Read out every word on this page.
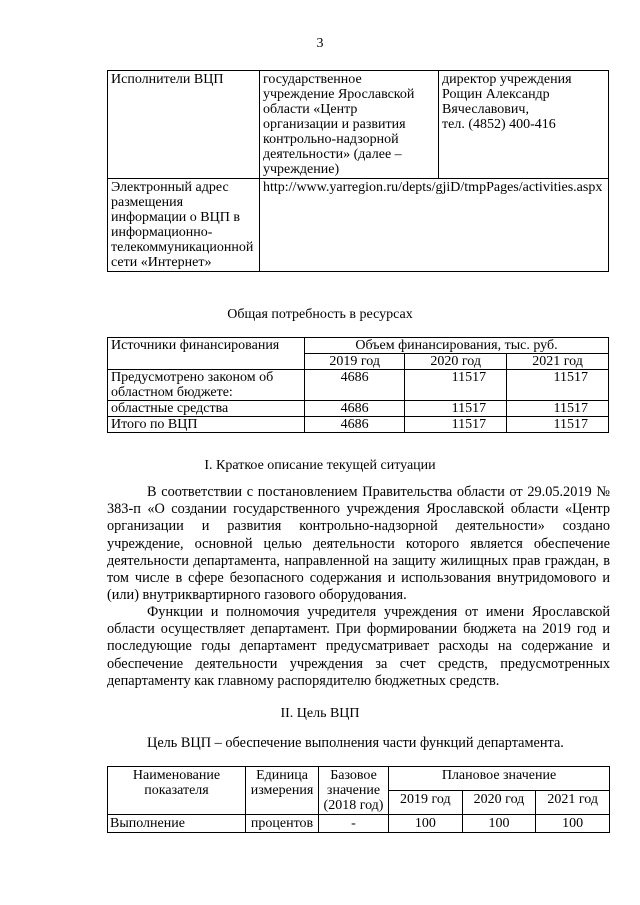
3
Исполнители ВЦП	государственное учреждение Ярославской области «Центр организации и развития контрольно-надзорной деятельности» (далее – учреждение)	директор учреждения Рощин Александр Вячеславович,
тел. (4852) 400-416
Электронный адрес размещения информации о ВЦП в информационно-телекоммуникационной сети «Интернет»	http://www.yarregion.ru/depts/gjiD/tmpPages/activities.aspx	
Общая потребность в ресурсах
Источники финансирования	Объем финансирования, тыс. руб.		
	2019 год	2020 год	2021 год
Предусмотрено законом об областном бюджете:	4686	11517	11517
областные средства	4686	11517	11517
Итого по ВЦП	4686	11517	11517
I. Краткое описание текущей ситуации

В соответствии с постановлением Правительства области от 29.05.2019 № 383-п «О создании государственного учреждения Ярославской области «Центр организации и развития контрольно-надзорной деятельности» создано учреждение, основной целью деятельности которого является обеспечение деятельности департамента, направленной на защиту жилищных прав граждан, в том числе в сфере безопасного содержания и использования внутридомового и (или) внутриквартирного газового оборудования.

Функции и полномочия учредителя учреждения от имени Ярославской области осуществляет департамент. При формировании бюджета на 2019 год и последующие годы департамент предусматривает расходы на содержание и обеспечение деятельности учреждения за счет средств, предусмотренных департаменту как главному распорядителю бюджетных средств.

II. Цель ВЦП

Цель ВЦП – обеспечение выполнения части функций департамента.

Наименование показателя	Единица измерения	Базовое значение (2018 год)	Плановое значение		
			2019 год	2020 год	2021 год
Выполнение	процентов	-	100	100	100
